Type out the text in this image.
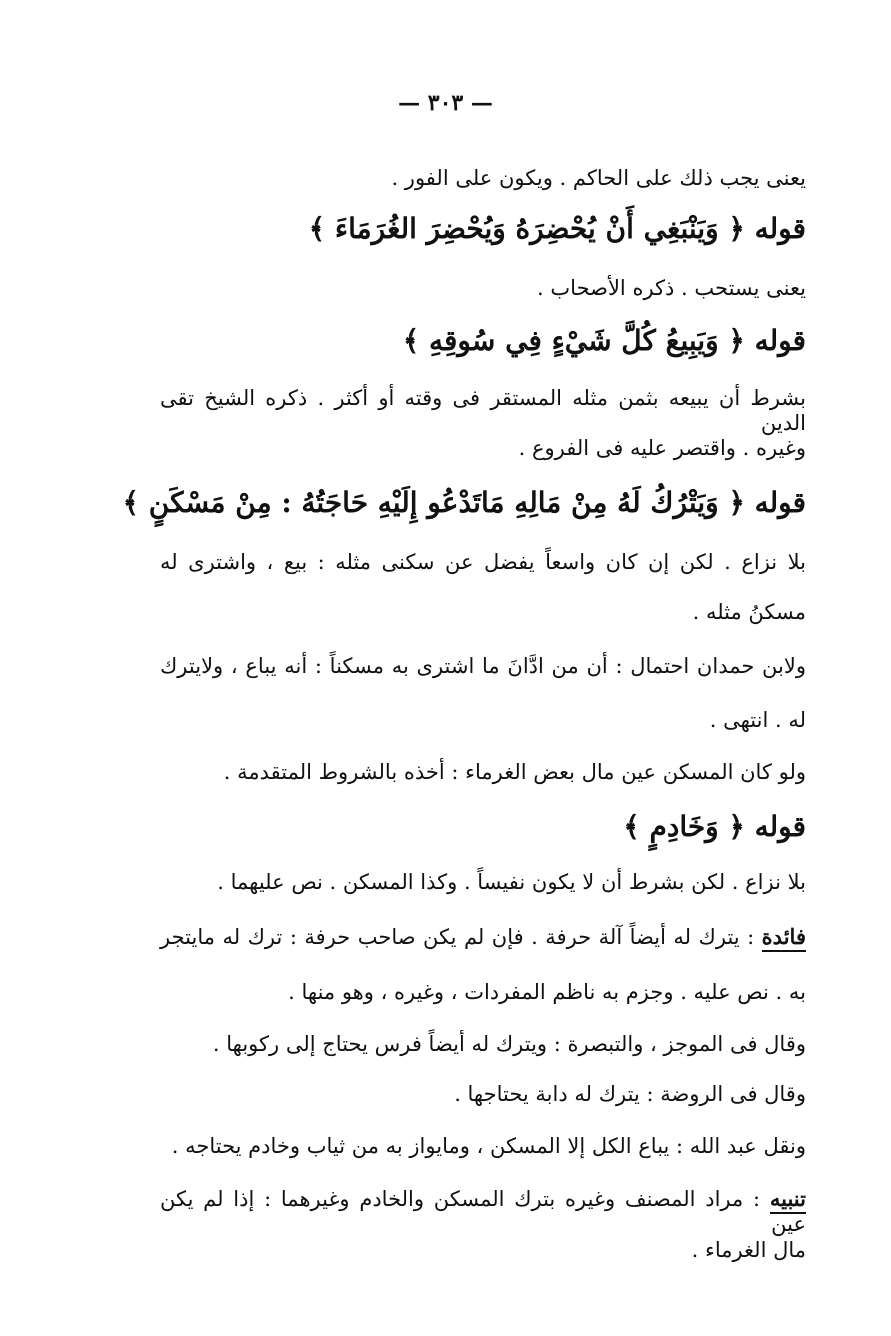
— ٣٠٣ —
يعنى يجب ذلك على الحاكم . ويكون على الفور .
قوله ﴿ وَيَنْبَغِي أَنْ يُحْضِرَهُ وَيُحْضِرَ الغُرَمَاءَ ﴾
يعنى يستحب . ذكره الأصحاب .
قوله ﴿ وَيَبِيعُ كُلَّ شَيْءٍ فِي سُوقِهِ ﴾
بشرط أن يبيعه بثمن مثله المستقر فى وقته أو أكثر . ذكره الشيخ تقى الدين
وغيره . واقتصر عليه فى الفروع .
قوله ﴿ وَيَتْرُكُ لَهُ مِنْ مَالِهِ مَاتَدْعُو إِلَيْهِ حَاجَتُهُ : مِنْ مَسْكَنٍ ﴾
بلا نزاع . لكن إن كان واسعاً يفضل عن سكنى مثله : بيع ، واشترى له
مسكنُ مثله .
ولابن حمدان احتمال : أن من ادَّانَ ما اشترى به مسكناً : أنه يباع ، ولايترك
له . انتهى .
ولو كان المسكن عين مال بعض الغرماء : أخذه بالشروط المتقدمة .
قوله ﴿ وَخَادِمٍ ﴾
بلا نزاع . لكن بشرط أن لا يكون نفيساً . وكذا المسكن . نص عليهما .
فائدة : يترك له أيضاً آلة حرفة . فإن لم يكن صاحب حرفة : ترك له مايتجر
به . نص عليه . وجزم به ناظم المفردات ، وغيره ، وهو منها .
وقال فى الموجز ، والتبصرة : ويترك له أيضاً فرس يحتاج إلى ركوبها .
وقال فى الروضة : يترك له دابة يحتاجها .
ونقل عبد الله : يباع الكل إلا المسكن ، ومايواز به من ثياب وخادم يحتاجه .
تنبيه : مراد المصنف وغيره بترك المسكن والخادم وغيرهما : إذا لم يكن عين
مال الغرماء .
